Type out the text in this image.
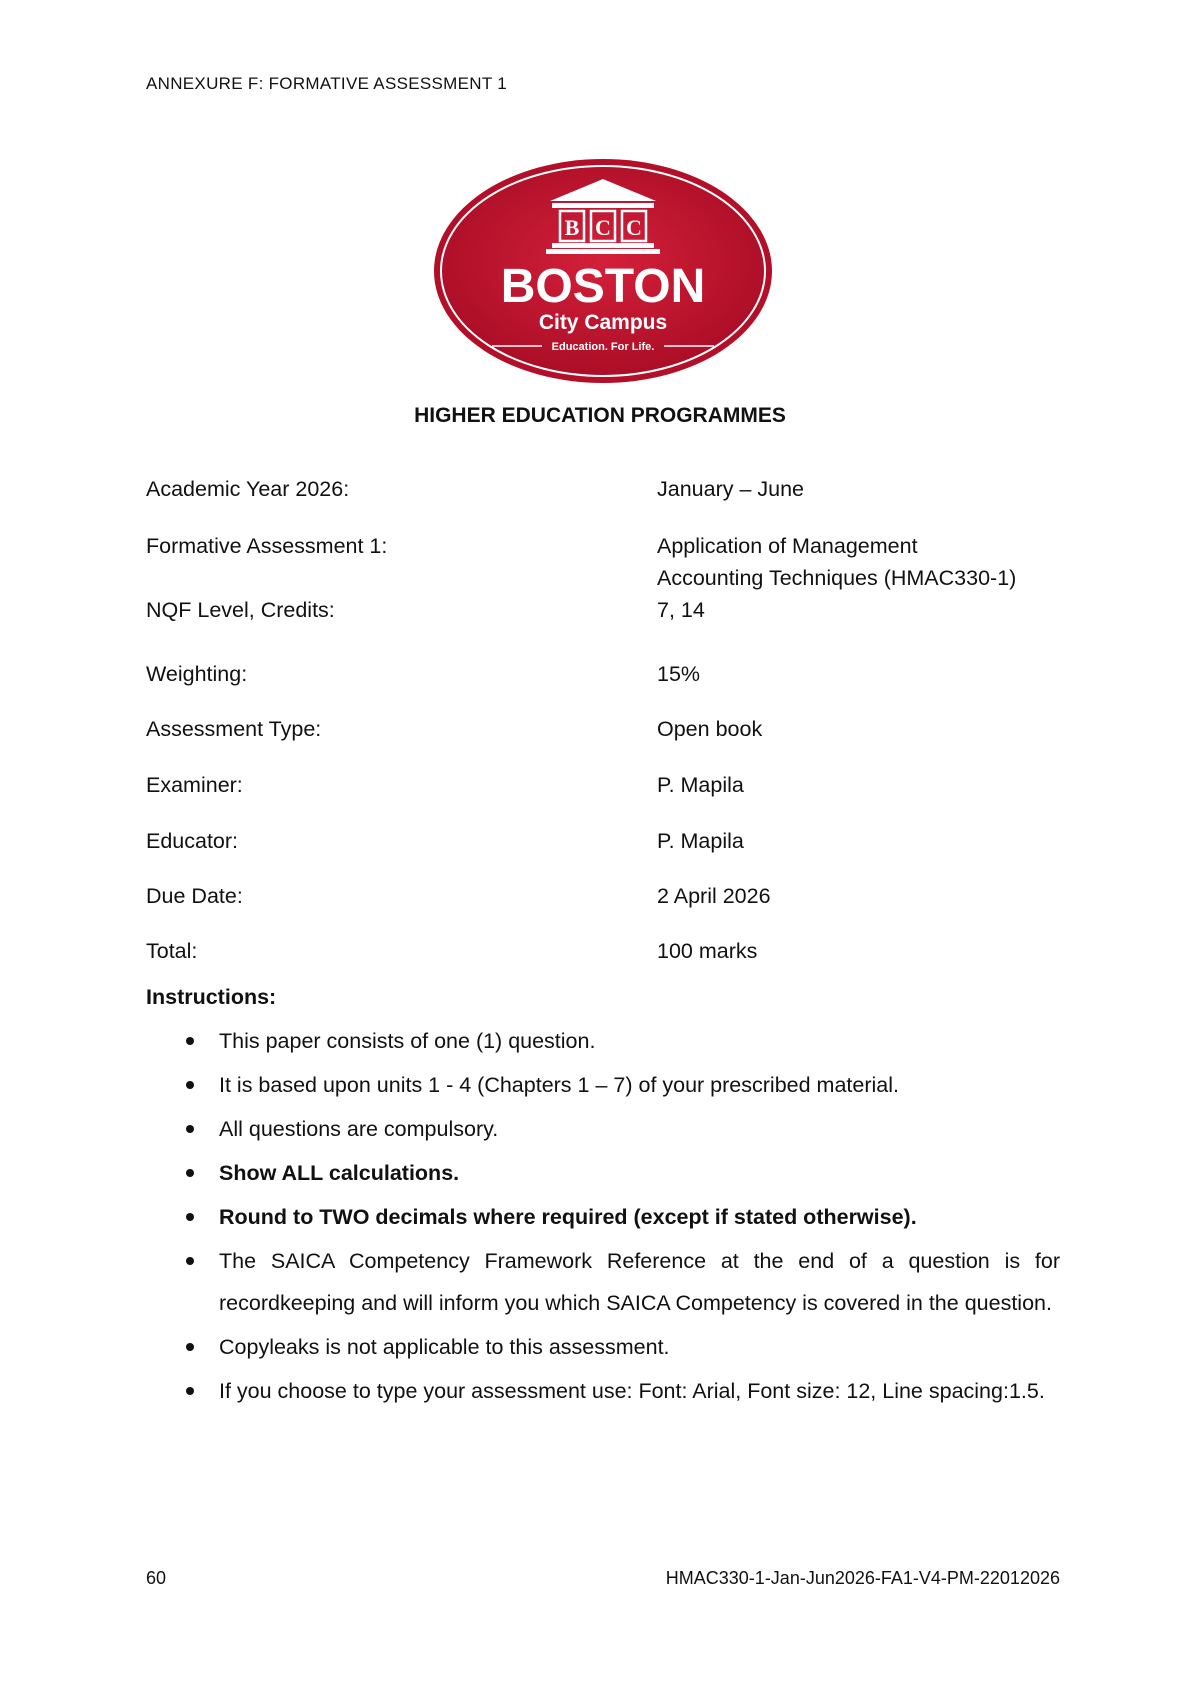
ANNEXURE F: FORMATIVE ASSESSMENT 1
B C C
BOSTON
City Campus
Education. For Life.
HIGHER EDUCATION PROGRAMMES
Academic Year 2026:	January – June
Formative Assessment 1:	Application of Management
Accounting Techniques (HMAC330-1)
NQF Level, Credits:	7, 14
Weighting:	15%
Assessment Type:	Open book
Examiner:	P. Mapila
Educator:	P. Mapila
Due Date:	2 April 2026
Total:	100 marks
Instructions:
This paper consists of one (1) question.
It is based upon units 1 - 4 (Chapters 1 – 7) of your prescribed material.
All questions are compulsory.
Show ALL calculations.
Round to TWO decimals where required (except if stated otherwise).
The SAICA Competency Framework Reference at the end of a question is for recordkeeping and will inform you which SAICA Competency is covered in the question.
Copyleaks is not applicable to this assessment.
If you choose to type your assessment use: Font: Arial, Font size: 12, Line spacing:1.5.
60	HMAC330-1-Jan-Jun2026-FA1-V4-PM-22012026
